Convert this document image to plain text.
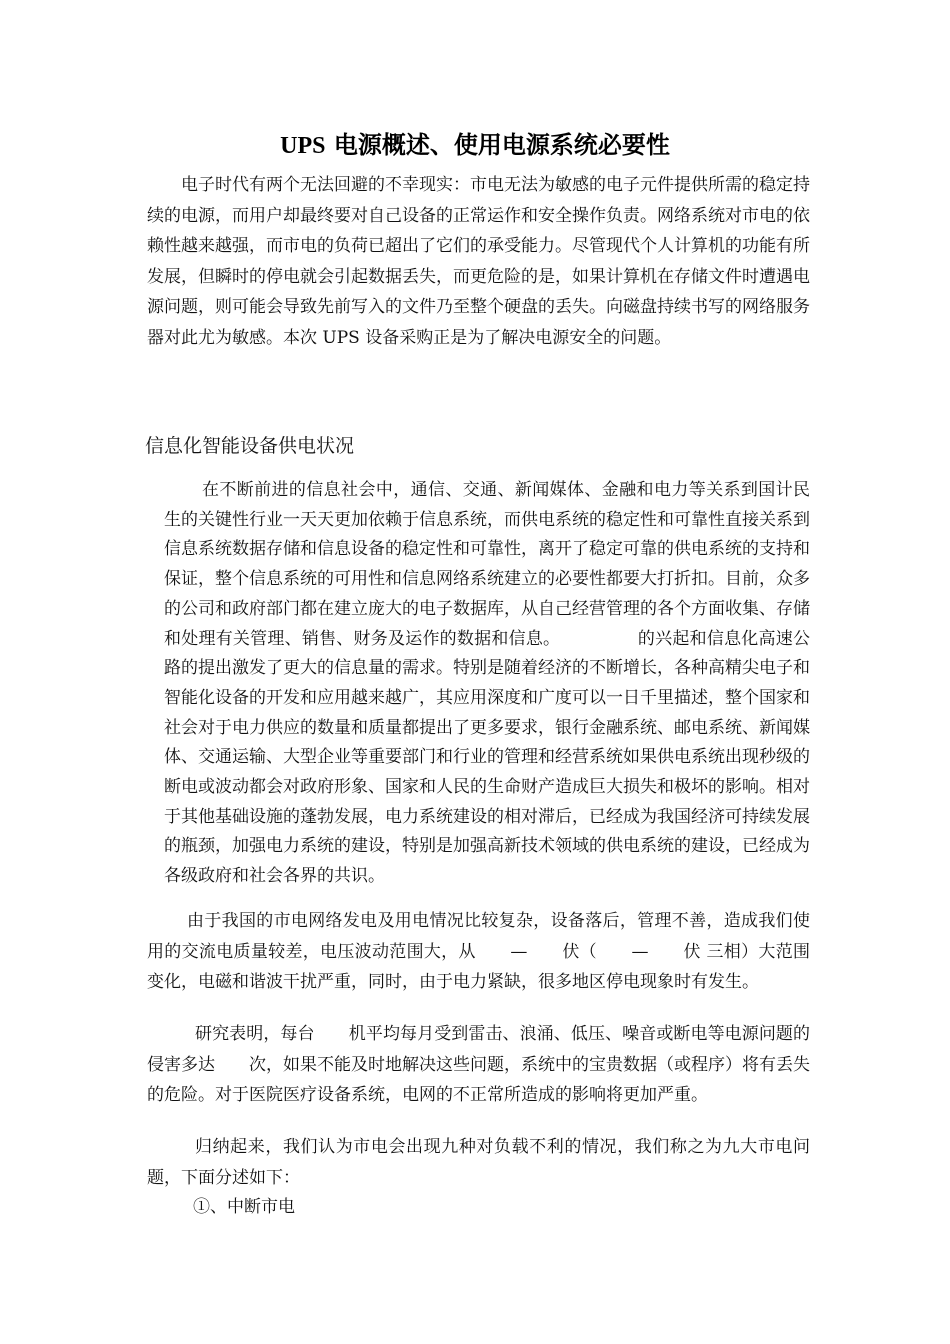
UPS 电源概述、使用电源系统必要性

电子时代有两个无法回避的不幸现实：市电无法为敏感的电子元件提供所需的稳定持续的电源，而用户却最终要对自己设备的正常运作和安全操作负责。网络系统对市电的依赖性越来越强，而市电的负荷已超出了它们的承受能力。尽管现代个人计算机的功能有所发展，但瞬时的停电就会引起数据丢失，而更危险的是，如果计算机在存储文件时遭遇电源问题，则可能会导致先前写入的文件乃至整个硬盘的丢失。向磁盘持续书写的网络服务器对此尤为敏感。本次 UPS 设备采购正是为了解决电源安全的问题。

信息化智能设备供电状况

在不断前进的信息社会中，通信、交通、新闻媒体、金融和电力等关系到国计民生的关键性行业一天天更加依赖于信息系统，而供电系统的稳定性和可靠性直接关系到信息系统数据存储和信息设备的稳定性和可靠性，离开了稳定可靠的供电系统的支持和保证，整个信息系统的可用性和信息网络系统建立的必要性都要大打折扣。目前，众多的公司和政府部门都在建立庞大的电子数据库，从自己经营管理的各个方面收集、存储和处理有关管理、销售、财务及运作的数据和信息。　　　　　的兴起和信息化高速公路的提出激发了更大的信息量的需求。特别是随着经济的不断增长，各种高精尖电子和智能化设备的开发和应用越来越广，其应用深度和广度可以一日千里描述，整个国家和社会对于电力供应的数量和质量都提出了更多要求，银行金融系统、邮电系统、新闻媒体、交通运输、大型企业等重要部门和行业的管理和经营系统如果供电系统出现秒级的断电或波动都会对政府形象、国家和人民的生命财产造成巨大损失和极坏的影响。相对于其他基础设施的蓬勃发展，电力系统建设的相对滞后，已经成为我国经济可持续发展的瓶颈，加强电力系统的建设，特别是加强高新技术领域的供电系统的建设，已经成为各级政府和社会各界的共识。

由于我国的市电网络发电及用电情况比较复杂，设备落后，管理不善，造成我们使用的交流电质量较差，电压波动范围大，从　　—　　伏（　　—　　伏 三相）大范围变化，电磁和谐波干扰严重，同时，由于电力紧缺，很多地区停电现象时有发生。

研究表明，每台　　机平均每月受到雷击、浪涌、低压、噪音或断电等电源问题的侵害多达　　次，如果不能及时地解决这些问题，系统中的宝贵数据（或程序）将有丢失的危险。对于医院医疗设备系统，电网的不正常所造成的影响将更加严重。

归纳起来，我们认为市电会出现九种对负载不利的情况，我们称之为九大市电问题，下面分述如下：

①、中断市电
